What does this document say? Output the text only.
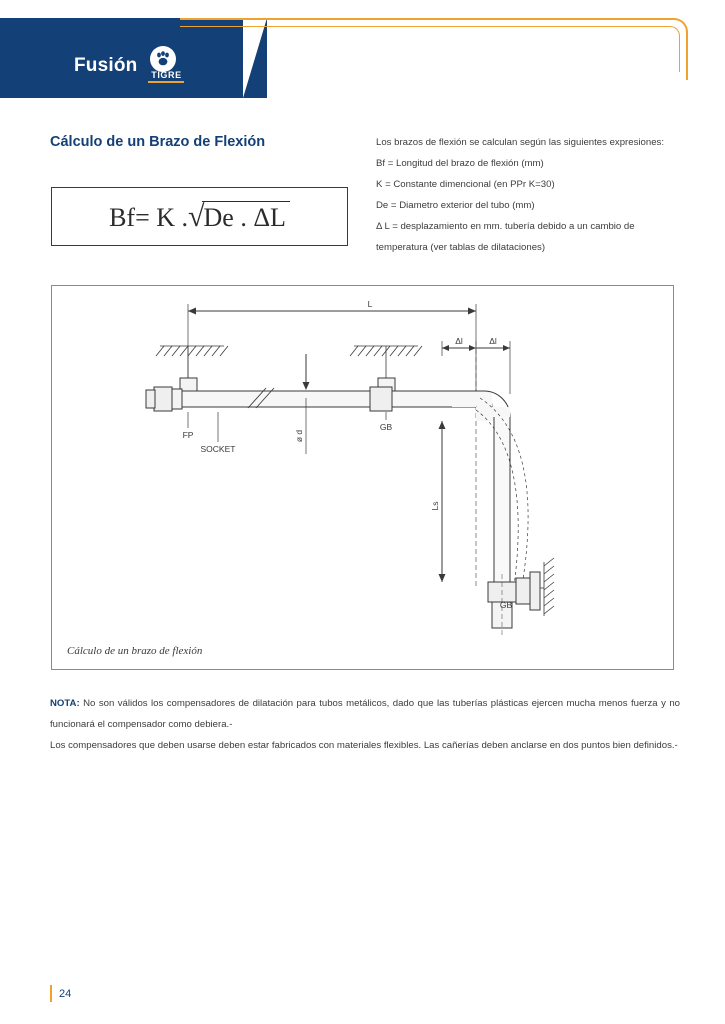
Fusión	TIGRE
Cálculo de un Brazo de Flexión	Los brazos de flexión se calculan según las siguientes expresiones:

Bf = Longitud del brazo de flexión (mm)

K = Constante dimencional (en PPr K=30)

De = Diametro exterior del tubo (mm)

Δ L = desplazamiento en mm. tubería debido a un cambio de

temperatura (ver tablas de dilataciones)

Bf= K .√De . ΔL
L
Δl	Δl
FP
SOCKET
GB
GB
ø d
Ls
Cálculo de un brazo de flexión

NOTA: No son válidos los compensadores de dilatación para tubos metálicos, dado que las tuberías plásticas ejercen mucha menos fuerza y no funcionará el compensador como debiera.-

Los compensadores que deben usarse deben estar fabricados con materiales flexibles. Las cañerías deben anclarse en dos puntos bien definidos.-

24
